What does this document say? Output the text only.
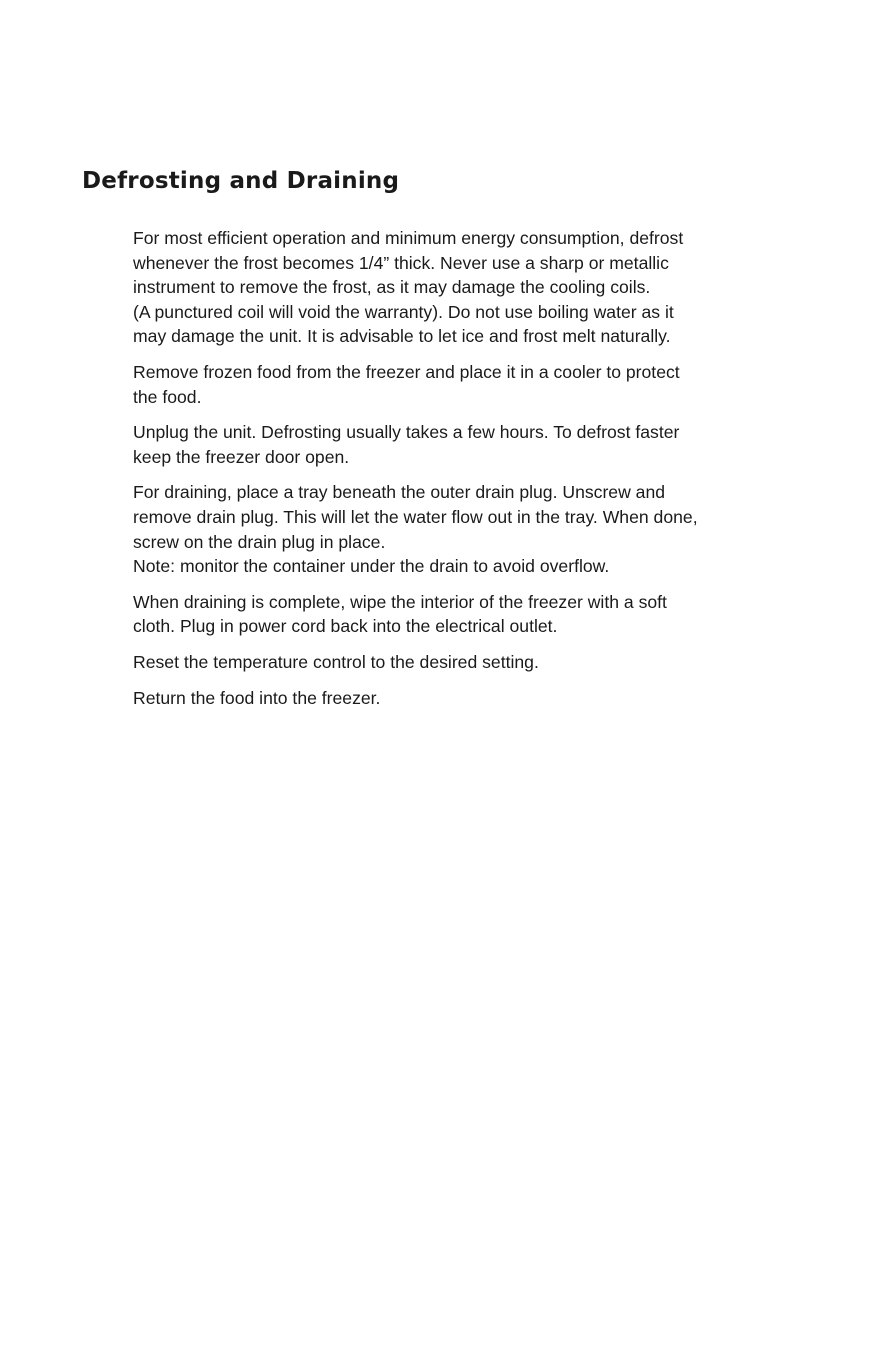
Defrosting and Draining

For most efficient operation and minimum energy consumption, defrost
whenever the frost becomes 1/4” thick. Never use a sharp or metallic
instrument to remove the frost, as it may damage the cooling coils.
(A punctured coil will void the warranty). Do not use boiling water as it
may damage the unit. It is advisable to let ice and frost melt naturally.

Remove frozen food from the freezer and place it in a cooler to protect
the food.

Unplug the unit. Defrosting usually takes a few hours. To defrost faster
keep the freezer door open.

For draining, place a tray beneath the outer drain plug. Unscrew and
remove drain plug. This will let the water flow out in the tray. When done,
screw on the drain plug in place.
Note: monitor the container under the drain to avoid overflow.

When draining is complete, wipe the interior of the freezer with a soft
cloth. Plug in power cord back into the electrical outlet.

Reset the temperature control to the desired setting.

Return the food into the freezer.
